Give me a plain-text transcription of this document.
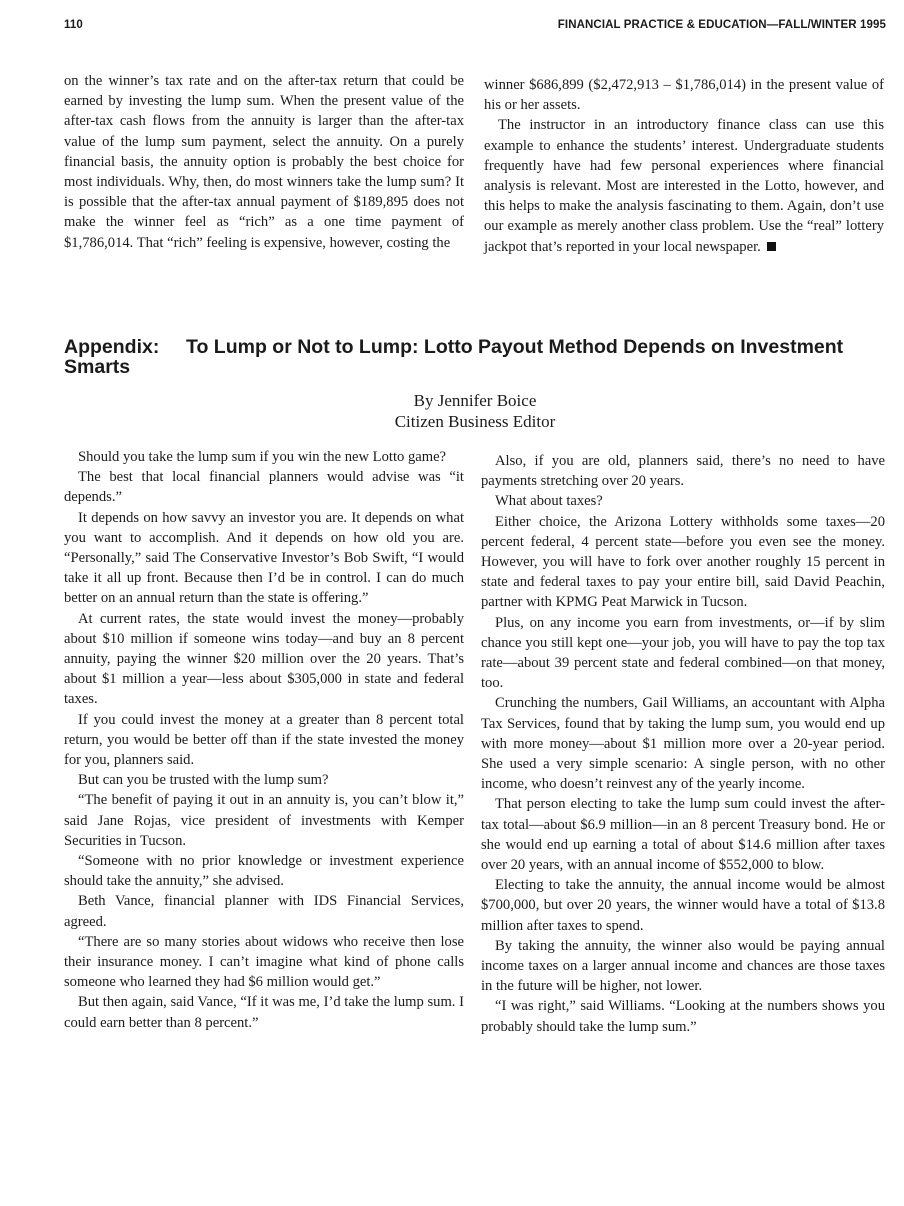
110	FINANCIAL PRACTICE & EDUCATION—FALL/WINTER 1995

on the winner’s tax rate and on the after-tax return that could be earned by investing the lump sum. When the present value of the after-tax cash flows from the annuity is larger than the after-tax value of the lump sum payment, select the annuity. On a purely financial basis, the annuity option is probably the best choice for most individuals. Why, then, do most winners take the lump sum? It is possible that the after-tax annual payment of $189,895 does not make the winner feel as “rich” as a one time payment of $1,786,014. That “rich” feeling is expensive, however, costing the

winner $686,899 ($2,472,913 – $1,786,014) in the present value of his or her assets.

The instructor in an introductory finance class can use this example to enhance the students’ interest. Undergraduate students frequently have had few personal experiences where financial analysis is relevant. Most are interested in the Lotto, however, and this helps to make the analysis fascinating to them. Again, don’t use our example as merely another class problem. Use the “real” lottery jackpot that’s reported in your local newspaper.

Appendix: To Lump or Not to Lump: Lotto Payout Method Depends on Investment Smarts
By Jennifer Boice
Citizen Business Editor

Should you take the lump sum if you win the new Lotto game?

The best that local financial planners would advise was “it depends.”

It depends on how savvy an investor you are. It depends on what you want to accomplish. And it depends on how old you are. “Personally,” said The Conservative Investor’s Bob Swift, “I would take it all up front. Because then I’d be in control. I can do much better on an annual return than the state is offering.”

At current rates, the state would invest the money—probably about $10 million if someone wins today—and buy an 8 percent annuity, paying the winner $20 million over the 20 years. That’s about $1 million a year—less about $305,000 in state and federal taxes.

If you could invest the money at a greater than 8 percent total return, you would be better off than if the state invested the money for you, planners said.

But can you be trusted with the lump sum?

“The benefit of paying it out in an annuity is, you can’t blow it,” said Jane Rojas, vice president of investments with Kemper Securities in Tucson.

“Someone with no prior knowledge or investment experience should take the annuity,” she advised.

Beth Vance, financial planner with IDS Financial Services, agreed.

“There are so many stories about widows who receive then lose their insurance money. I can’t imagine what kind of phone calls someone who learned they had $6 million would get.”

But then again, said Vance, “If it was me, I’d take the lump sum. I could earn better than 8 percent.”

Also, if you are old, planners said, there’s no need to have payments stretching over 20 years.

What about taxes?

Either choice, the Arizona Lottery withholds some taxes—20 percent federal, 4 percent state—before you even see the money. However, you will have to fork over another roughly 15 percent in state and federal taxes to pay your entire bill, said David Peachin, partner with KPMG Peat Marwick in Tucson.

Plus, on any income you earn from investments, or—if by slim chance you still kept one—your job, you will have to pay the top tax rate—about 39 percent state and federal combined—on that money, too.

Crunching the numbers, Gail Williams, an accountant with Alpha Tax Services, found that by taking the lump sum, you would end up with more money—about $1 million more over a 20-year period. She used a very simple scenario: A single person, with no other income, who doesn’t reinvest any of the yearly income.

That person electing to take the lump sum could invest the after-tax total—about $6.9 million—in an 8 percent Treasury bond. He or she would end up earning a total of about $14.6 million after taxes over 20 years, with an annual income of $552,000 to blow.

Electing to take the annuity, the annual income would be almost $700,000, but over 20 years, the winner would have a total of $13.8 million after taxes to spend.

By taking the annuity, the winner also would be paying annual income taxes on a larger annual income and chances are those taxes in the future will be higher, not lower.

“I was right,” said Williams. “Looking at the numbers shows you probably should take the lump sum.”
